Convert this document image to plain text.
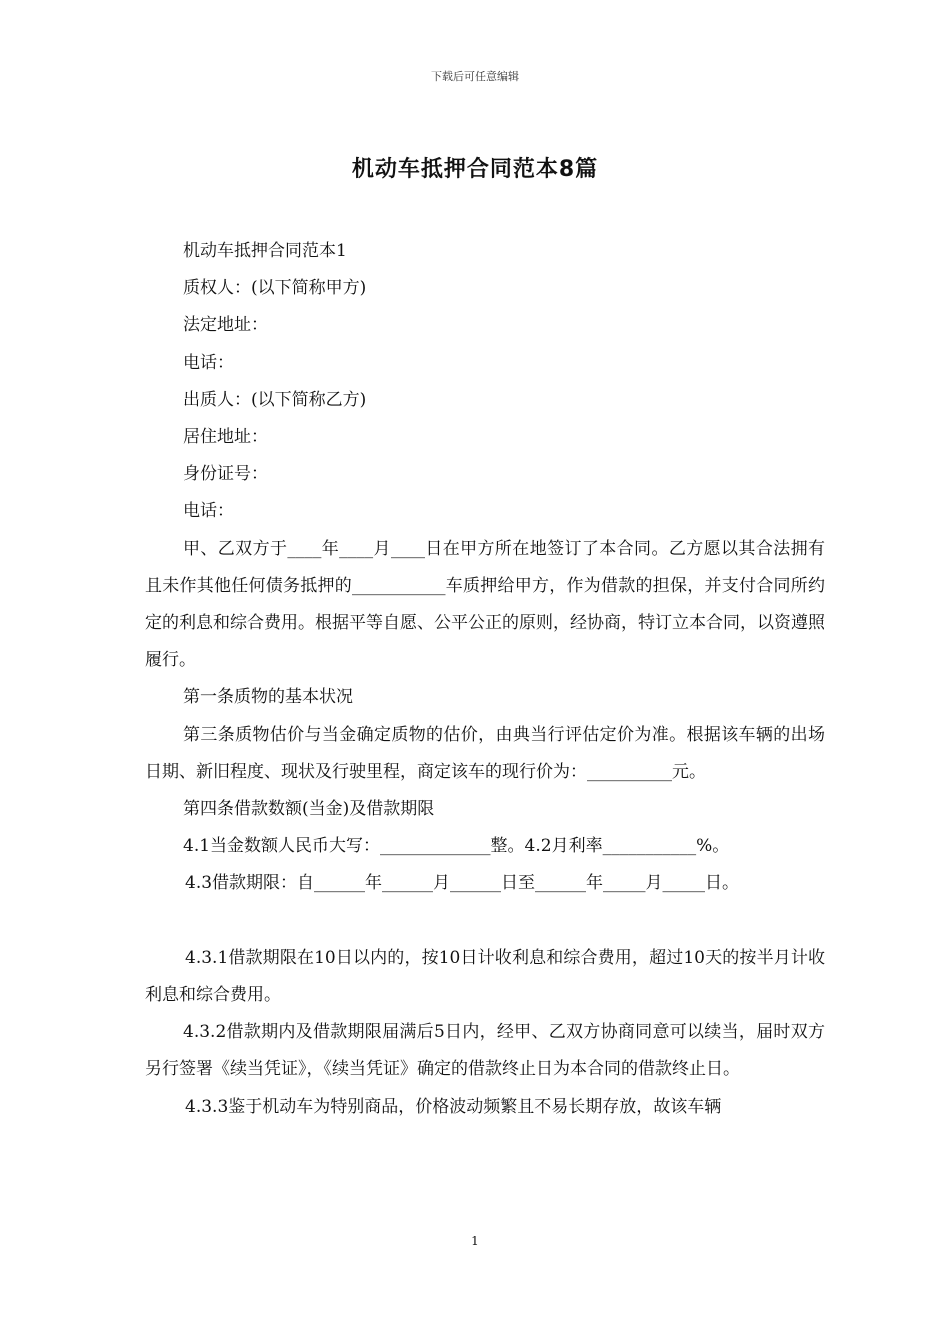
下载后可任意编辑
机动车抵押合同范本8篇

机动车抵押合同范本1

质权人：(以下简称甲方)

法定地址：

电话：

出质人：(以下简称乙方)

居住地址：

身份证号：

电话：

甲、乙双方于____年____月____日在甲方所在地签订了本合同。乙方愿以其合法拥有且未作其他任何债务抵押的___________车质押给甲方，作为借款的担保，并支付合同所约定的利息和综合费用。根据平等自愿、公平公正的原则，经协商，特订立本合同，以资遵照履行。

第一条质物的基本状况

第三条质物估价与当金确定质物的估价，由典当行评估定价为准。根据该车辆的出场日期、新旧程度、现状及行驶里程，商定该车的现行价为：__________元。

第四条借款数额(当金)及借款期限

4.1当金数额人民币大写：_____________整。4.2月利率___________%。

4.3借款期限：自______年______月______日至______年_____月_____日。

4.3.1借款期限在10日以内的，按10日计收利息和综合费用，超过10天的按半月计收利息和综合费用。

4.3.2借款期内及借款期限届满后5日内，经甲、乙双方协商同意可以续当，届时双方另行签署《续当凭证》，《续当凭证》确定的借款终止日为本合同的借款终止日。

4.3.3鉴于机动车为特别商品，价格波动频繁且不易长期存放，故该车辆

1
